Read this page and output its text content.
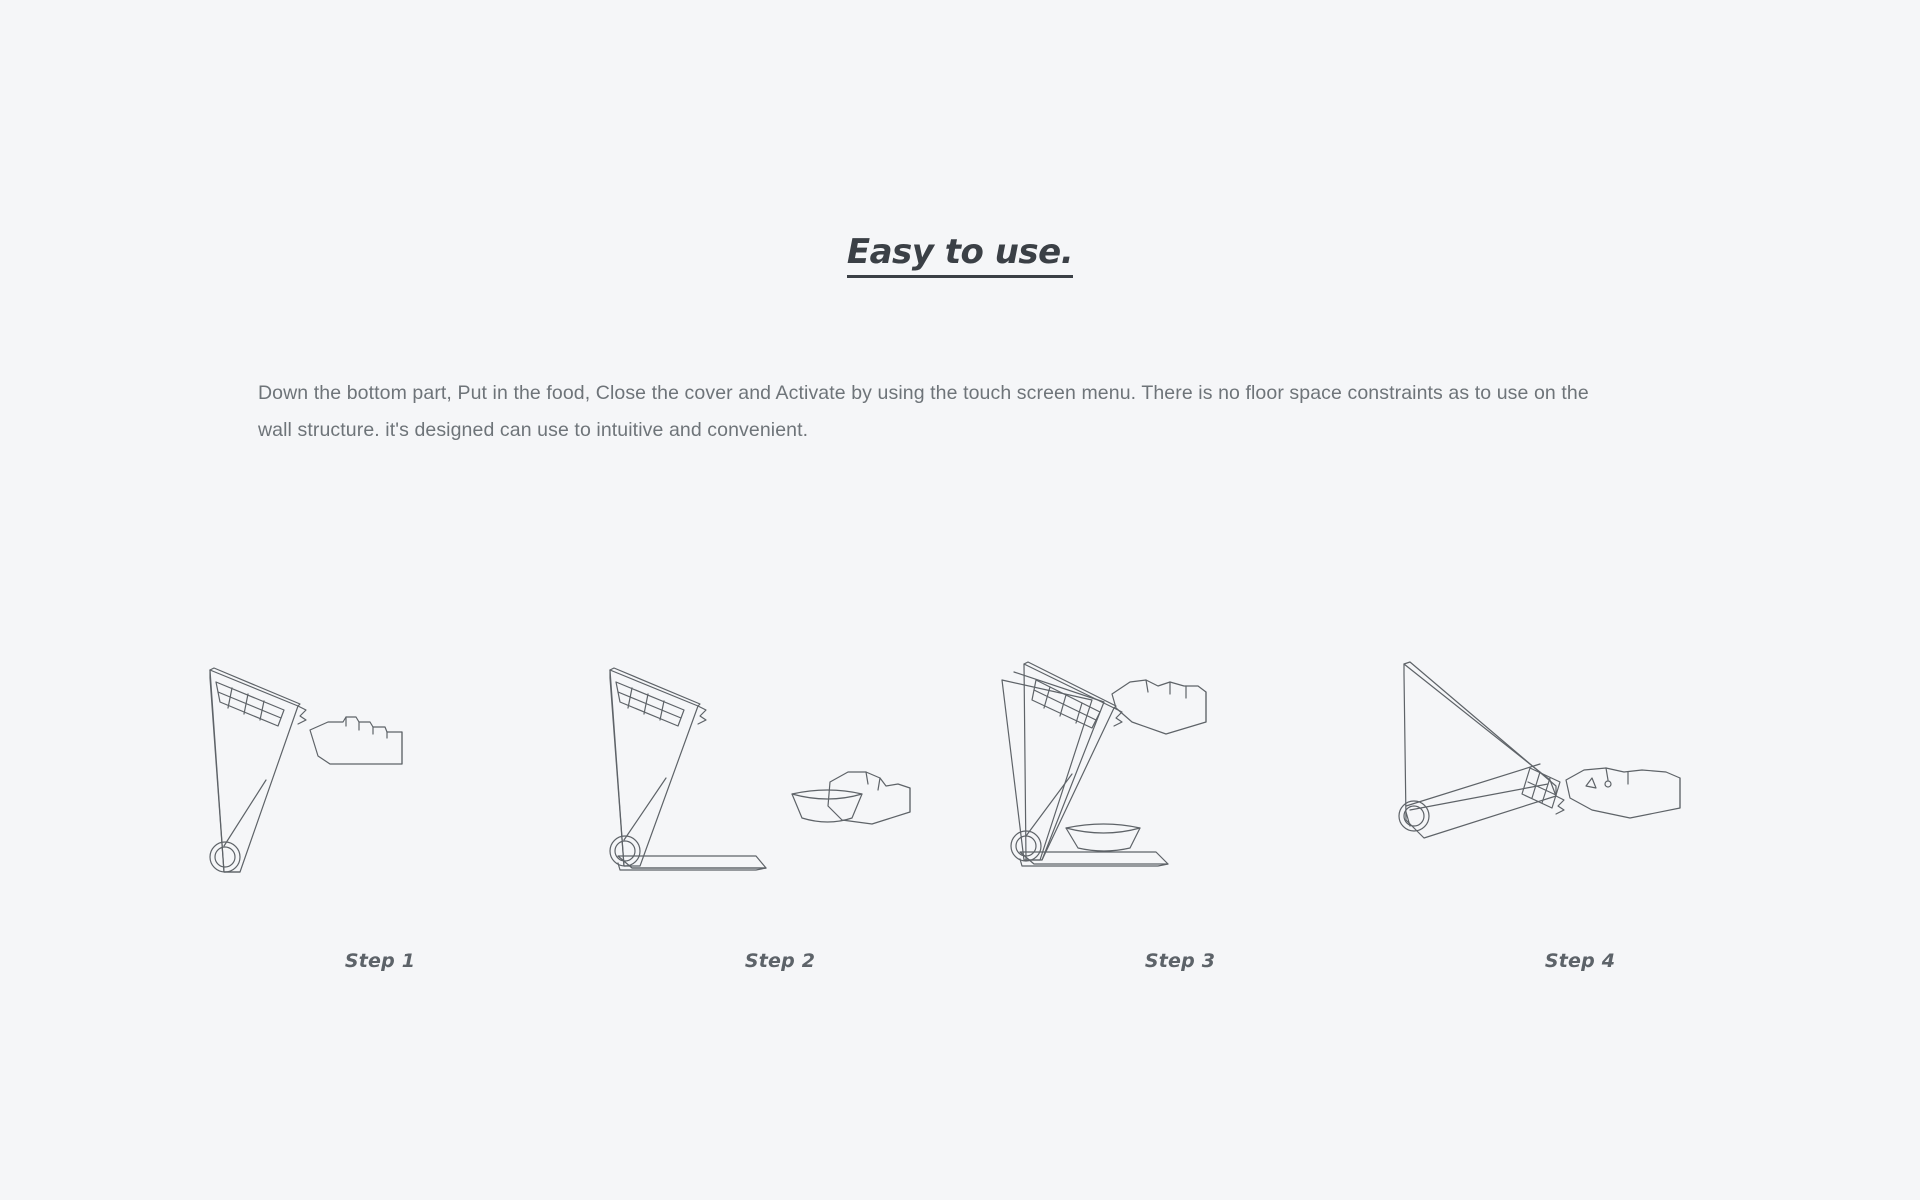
Easy to use.

Down the bottom part, Put in the food, Close the cover and Activate by using the touch screen menu. There is no floor space constraints as to use on the wall structure. it's designed can use to intuitive and convenient.

Step 1	Step 2	Step 3	Step 4
